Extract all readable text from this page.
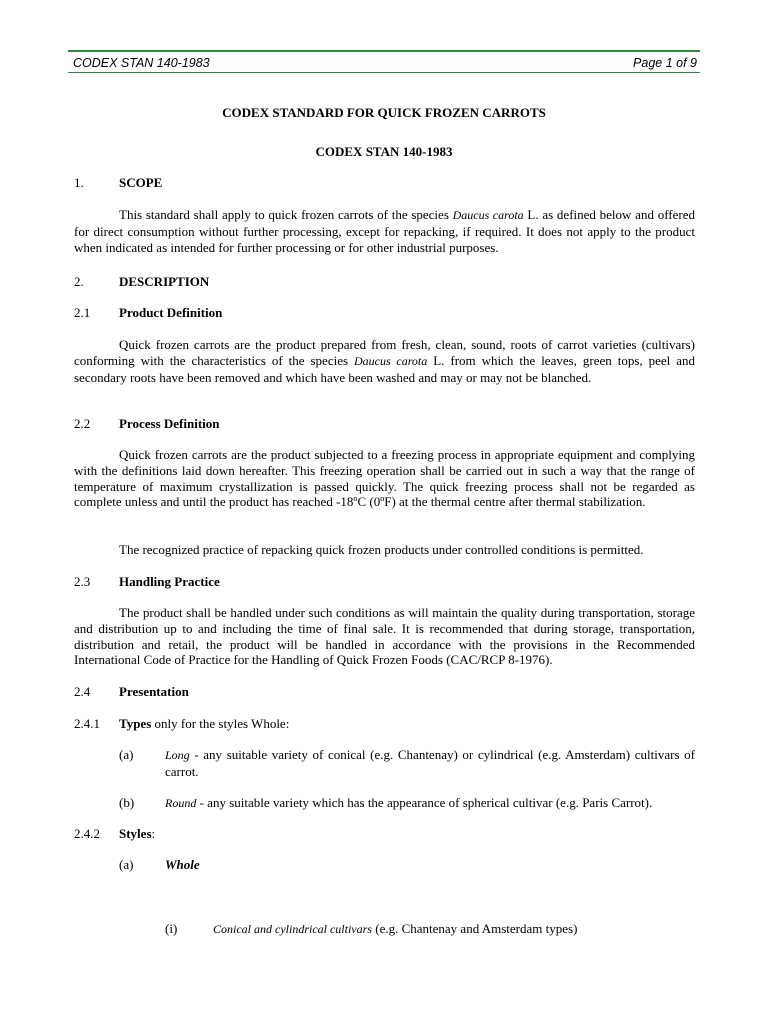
CODEX STAN 140-1983	Page 1 of 9
CODEX STANDARD FOR QUICK FROZEN CARROTS
CODEX STAN 140-1983
1.	SCOPE
This standard shall apply to quick frozen carrots of the species Daucus carota L. as defined below and offered for direct consumption without further processing, except for repacking, if required. It does not apply to the product when indicated as intended for further processing or for other industrial purposes.
2.	DESCRIPTION
2.1 Product Definition
Quick frozen carrots are the product prepared from fresh, clean, sound, roots of carrot varieties (cultivars) conforming with the characteristics of the species Daucus carota L. from which the leaves, green tops, peel and secondary roots have been removed and which have been washed and may or may not be blanched.
2.2 Process Definition
Quick frozen carrots are the product subjected to a freezing process in appropriate equipment and complying with the definitions laid down hereafter. This freezing operation shall be carried out in such a way that the range of temperature of maximum crystallization is passed quickly. The quick freezing process shall not be regarded as complete unless and until the product has reached -18ºC (0ºF) at the thermal centre after thermal stabilization.
The recognized practice of repacking quick frozen products under controlled conditions is permitted.
2.3 Handling Practice
The product shall be handled under such conditions as will maintain the quality during transportation, storage and distribution up to and including the time of final sale. It is recommended that during storage, transportation, distribution and retail, the product will be handled in accordance with the provisions in the Recommended International Code of Practice for the Handling of Quick Frozen Foods (CAC/RCP 8-1976).
2.4 Presentation
2.4.1 Types only for the styles Whole:
(a)	Long - any suitable variety of conical (e.g. Chantenay) or cylindrical (e.g. Amsterdam) cultivars of carrot.
(b)	Round - any suitable variety which has the appearance of spherical cultivar (e.g. Paris Carrot).
2.4.2 Styles:
(a) Whole
(i)	Conical and cylindrical cultivars (e.g. Chantenay and Amsterdam types)
